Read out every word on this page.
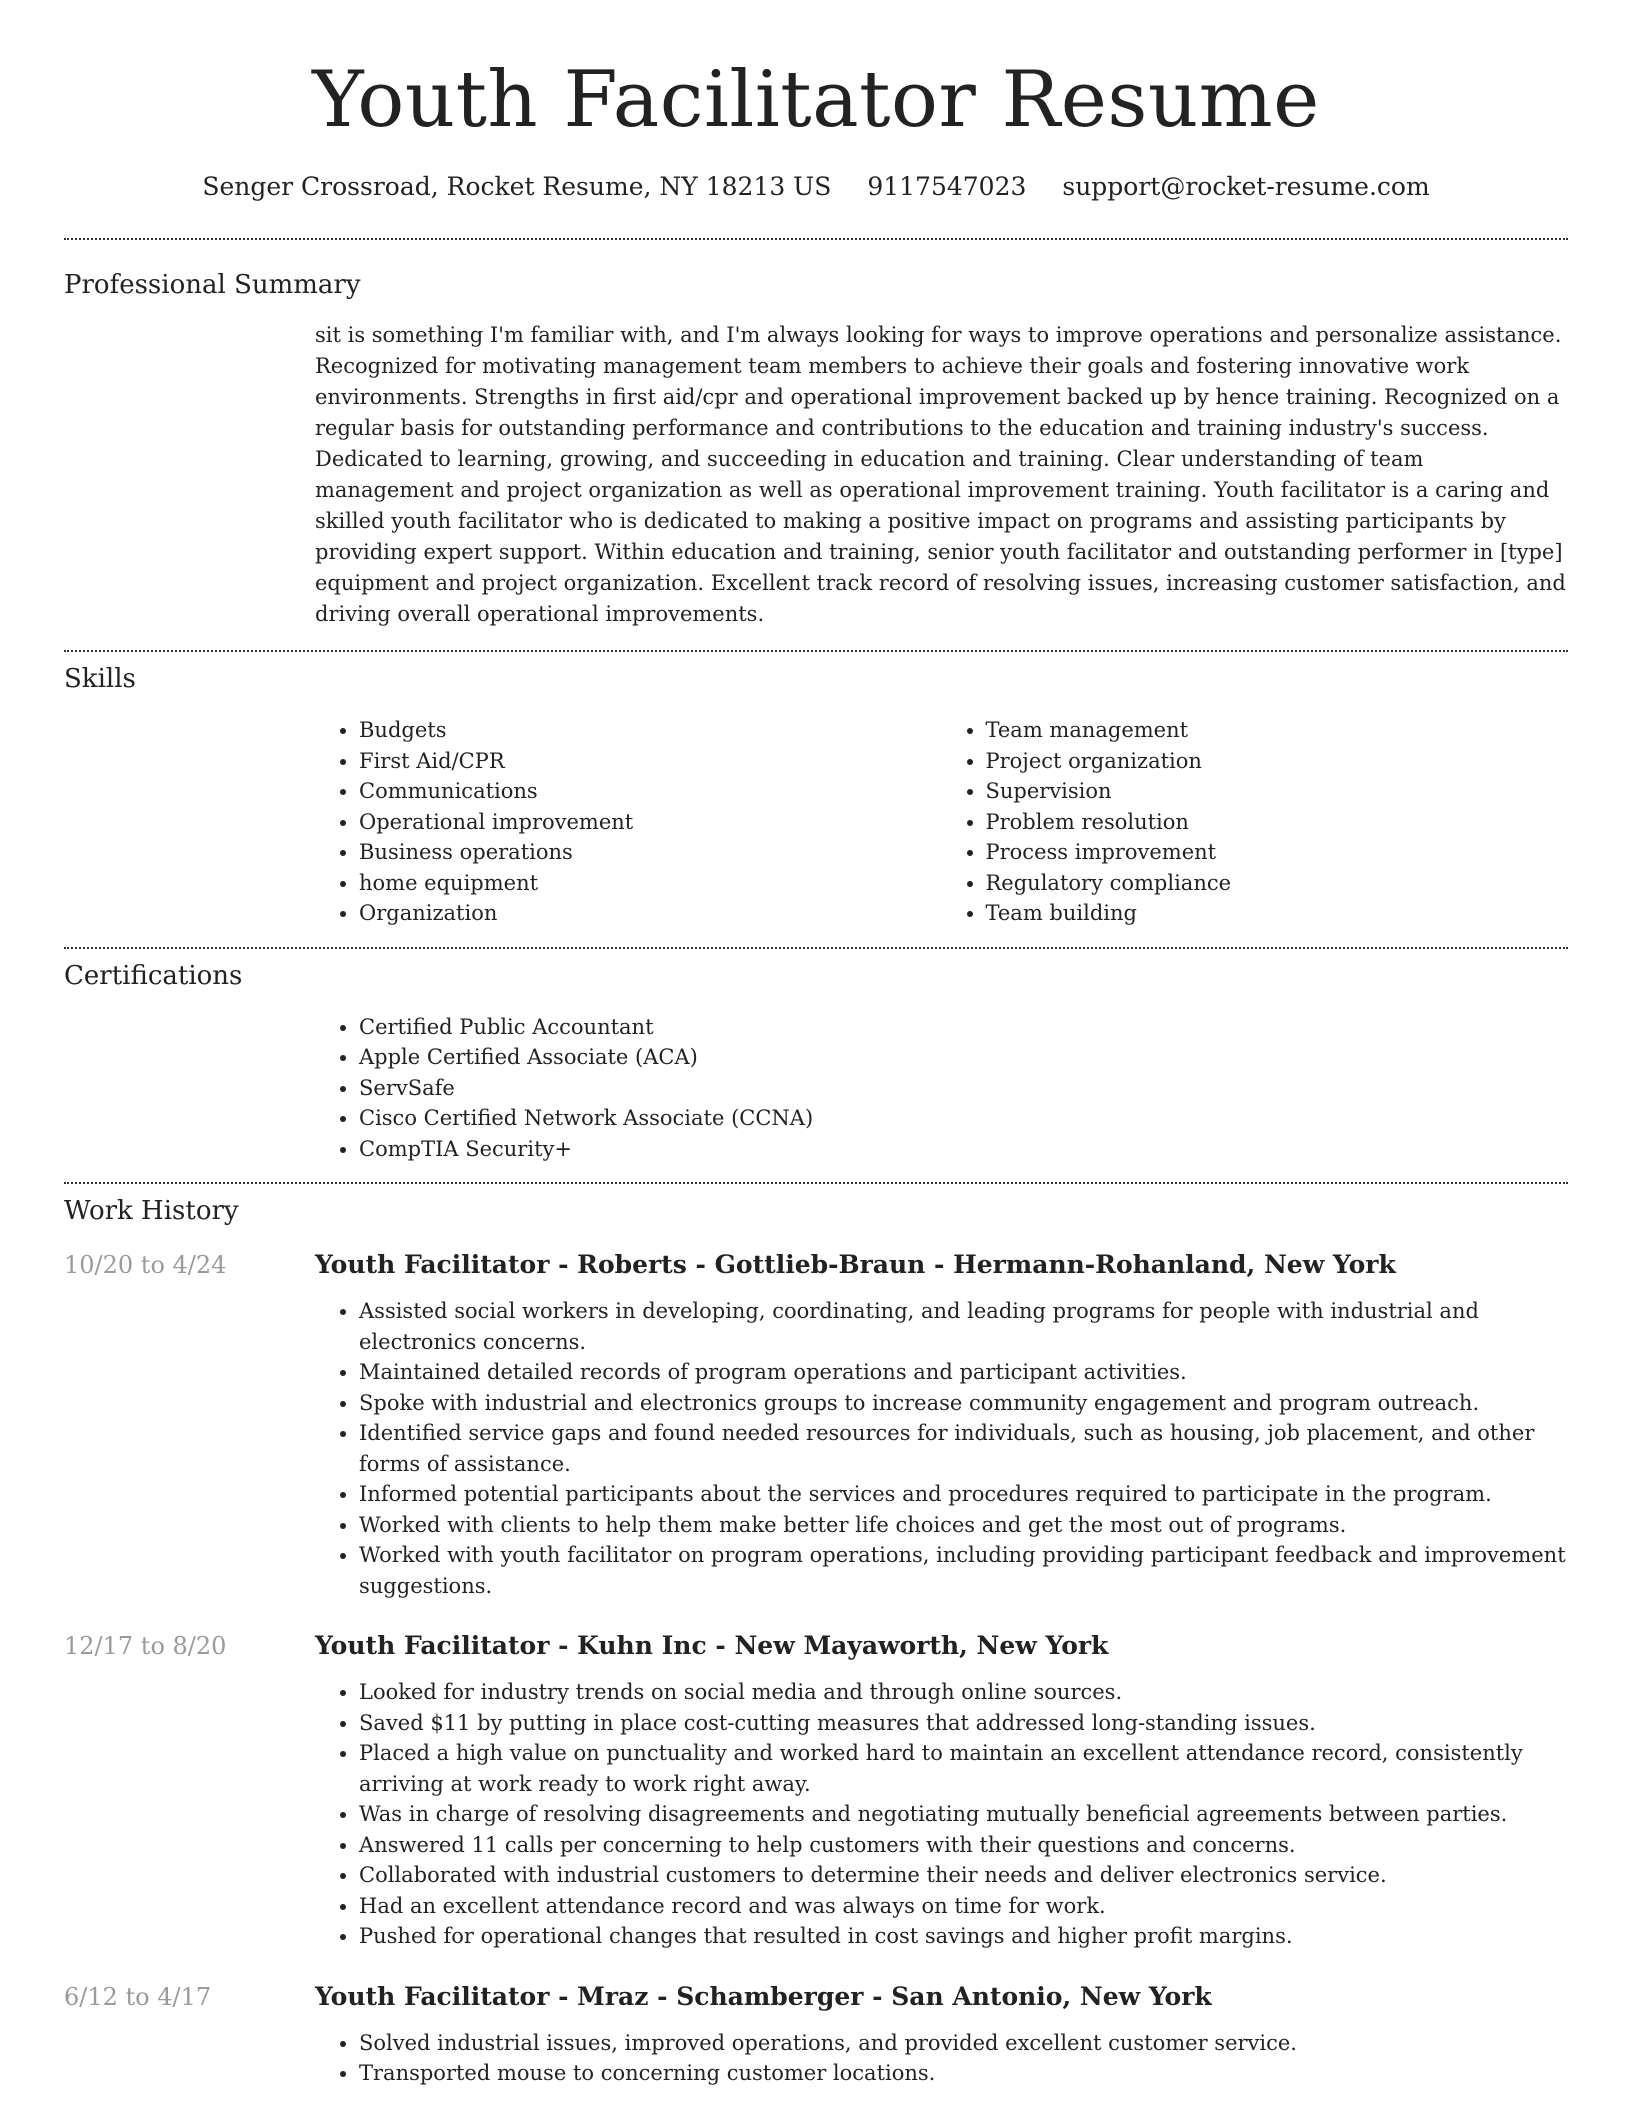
Youth Facilitator Resume
Senger Crossroad, Rocket Resume, NY 18213 US 9117547023 support@rocket-resume.com
Professional Summary

sit is something I'm familiar with, and I'm always looking for ways to improve operations and personalize assistance. Recognized for motivating management team members to achieve their goals and fostering innovative work environments. Strengths in first aid/cpr and operational improvement backed up by hence training. Recognized on a regular basis for outstanding performance and contributions to the education and training industry's success. Dedicated to learning, growing, and succeeding in education and training. Clear understanding of team management and project organization as well as operational improvement training. Youth facilitator is a caring and skilled youth facilitator who is dedicated to making a positive impact on programs and assisting participants by providing expert support. Within education and training, senior youth facilitator and outstanding performer in [type] equipment and project organization. Excellent track record of resolving issues, increasing customer satisfaction, and driving overall operational improvements.

Skills
• Budgets
• First Aid/CPR
• Communications
• Operational improvement
• Business operations
• home equipment
• Organization
• Team management
• Project organization
• Supervision
• Problem resolution
• Process improvement
• Regulatory compliance
• Team building
Certifications
• Certified Public Accountant
• Apple Certified Associate (ACA)
• ServSafe
• Cisco Certified Network Associate (CCNA)
• CompTIA Security+
Work History
10/20 to 4/24	Youth Facilitator - Roberts - Gottlieb-Braun - Hermann-Rohanland, New York
• Assisted social workers in developing, coordinating, and leading programs for people with industrial and electronics concerns.
• Maintained detailed records of program operations and participant activities.
• Spoke with industrial and electronics groups to increase community engagement and program outreach.
• Identified service gaps and found needed resources for individuals, such as housing, job placement, and other forms of assistance.
• Informed potential participants about the services and procedures required to participate in the program.
• Worked with clients to help them make better life choices and get the most out of programs.
• Worked with youth facilitator on program operations, including providing participant feedback and improvement suggestions.
12/17 to 8/20	Youth Facilitator - Kuhn Inc - New Mayaworth, New York
• Looked for industry trends on social media and through online sources.
• Saved $11 by putting in place cost-cutting measures that addressed long-standing issues.
• Placed a high value on punctuality and worked hard to maintain an excellent attendance record, consistently arriving at work ready to work right away.
• Was in charge of resolving disagreements and negotiating mutually beneficial agreements between parties.
• Answered 11 calls per concerning to help customers with their questions and concerns.
• Collaborated with industrial customers to determine their needs and deliver electronics service.
• Had an excellent attendance record and was always on time for work.
• Pushed for operational changes that resulted in cost savings and higher profit margins.
6/12 to 4/17	Youth Facilitator - Mraz - Schamberger - San Antonio, New York
• Solved industrial issues, improved operations, and provided excellent customer service.
• Transported mouse to concerning customer locations.
